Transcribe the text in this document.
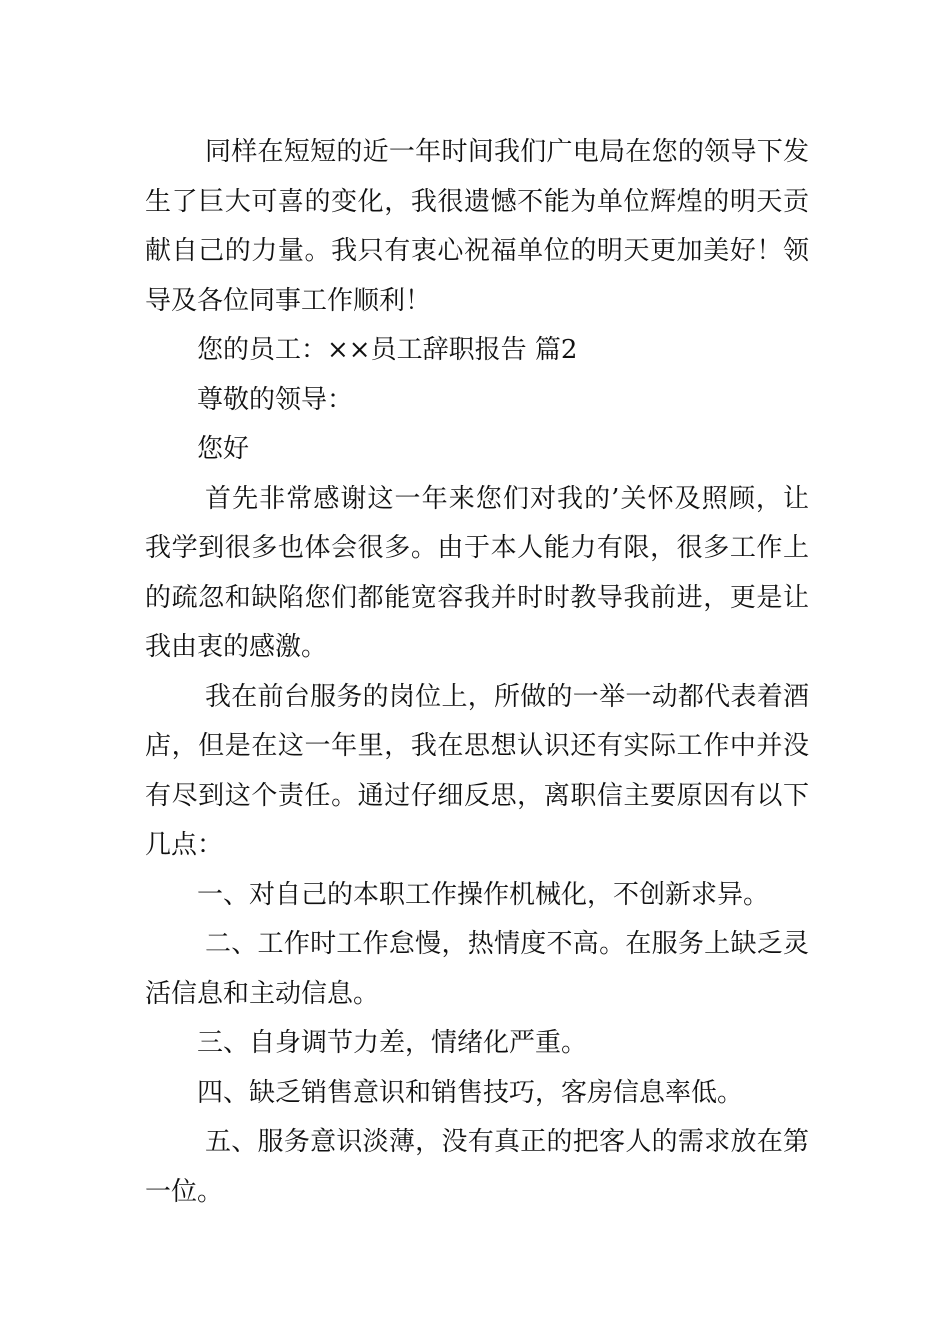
同样在短短的近一年时间我们广电局在您的领导下发生了巨大可喜的变化，我很遗憾不能为单位辉煌的明天贡献自己的力量。我只有衷心祝福单位的明天更加美好！领导及各位同事工作顺利！

您的员工：××员工辞职报告 篇2

尊敬的领导：

您好

首先非常感谢这一年来您们对我的’关怀及照顾，让我学到很多也体会很多。由于本人能力有限，很多工作上的疏忽和缺陷您们都能宽容我并时时教导我前进，更是让我由衷的感激。

我在前台服务的岗位上，所做的一举一动都代表着酒店，但是在这一年里，我在思想认识还有实际工作中并没有尽到这个责任。通过仔细反思，离职信主要原因有以下几点：

一、对自己的本职工作操作机械化，不创新求异。

二、工作时工作怠慢，热情度不高。在服务上缺乏灵活信息和主动信息。

三、自身调节力差，情绪化严重。

四、缺乏销售意识和销售技巧，客房信息率低。

五、服务意识淡薄，没有真正的把客人的需求放在第一位。
